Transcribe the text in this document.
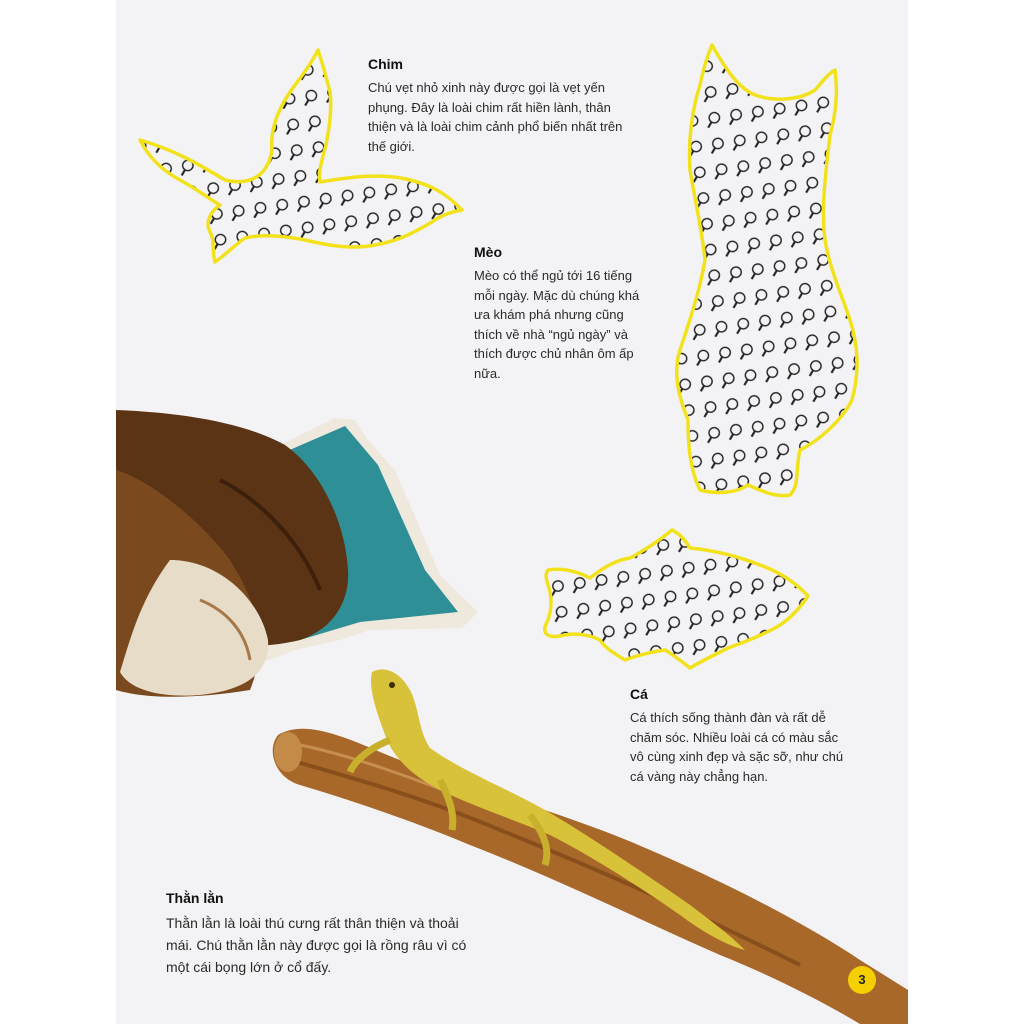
Chim

Chú vẹt nhỏ xinh này được gọi là vẹt yến phụng. Đây là loài chim rất hiền lành, thân thiện và là loài chim cảnh phổ biến nhất trên thế giới.

Mèo

Mèo có thể ngủ tới 16 tiếng mỗi ngày. Mặc dù chúng khá ưa khám phá nhưng cũng thích về nhà “ngủ ngày” và thích được chủ nhân ôm ấp nữa.

Cá

Cá thích sống thành đàn và rất dễ chăm sóc. Nhiều loài cá có màu sắc vô cùng xinh đẹp và sặc sỡ, như chú cá vàng này chẳng hạn.

Thằn lằn

Thằn lằn là loài thú cưng rất thân thiện và thoải mái. Chú thằn lằn này được gọi là rồng râu vì có một cái bọng lớn ở cổ đấy.

3
